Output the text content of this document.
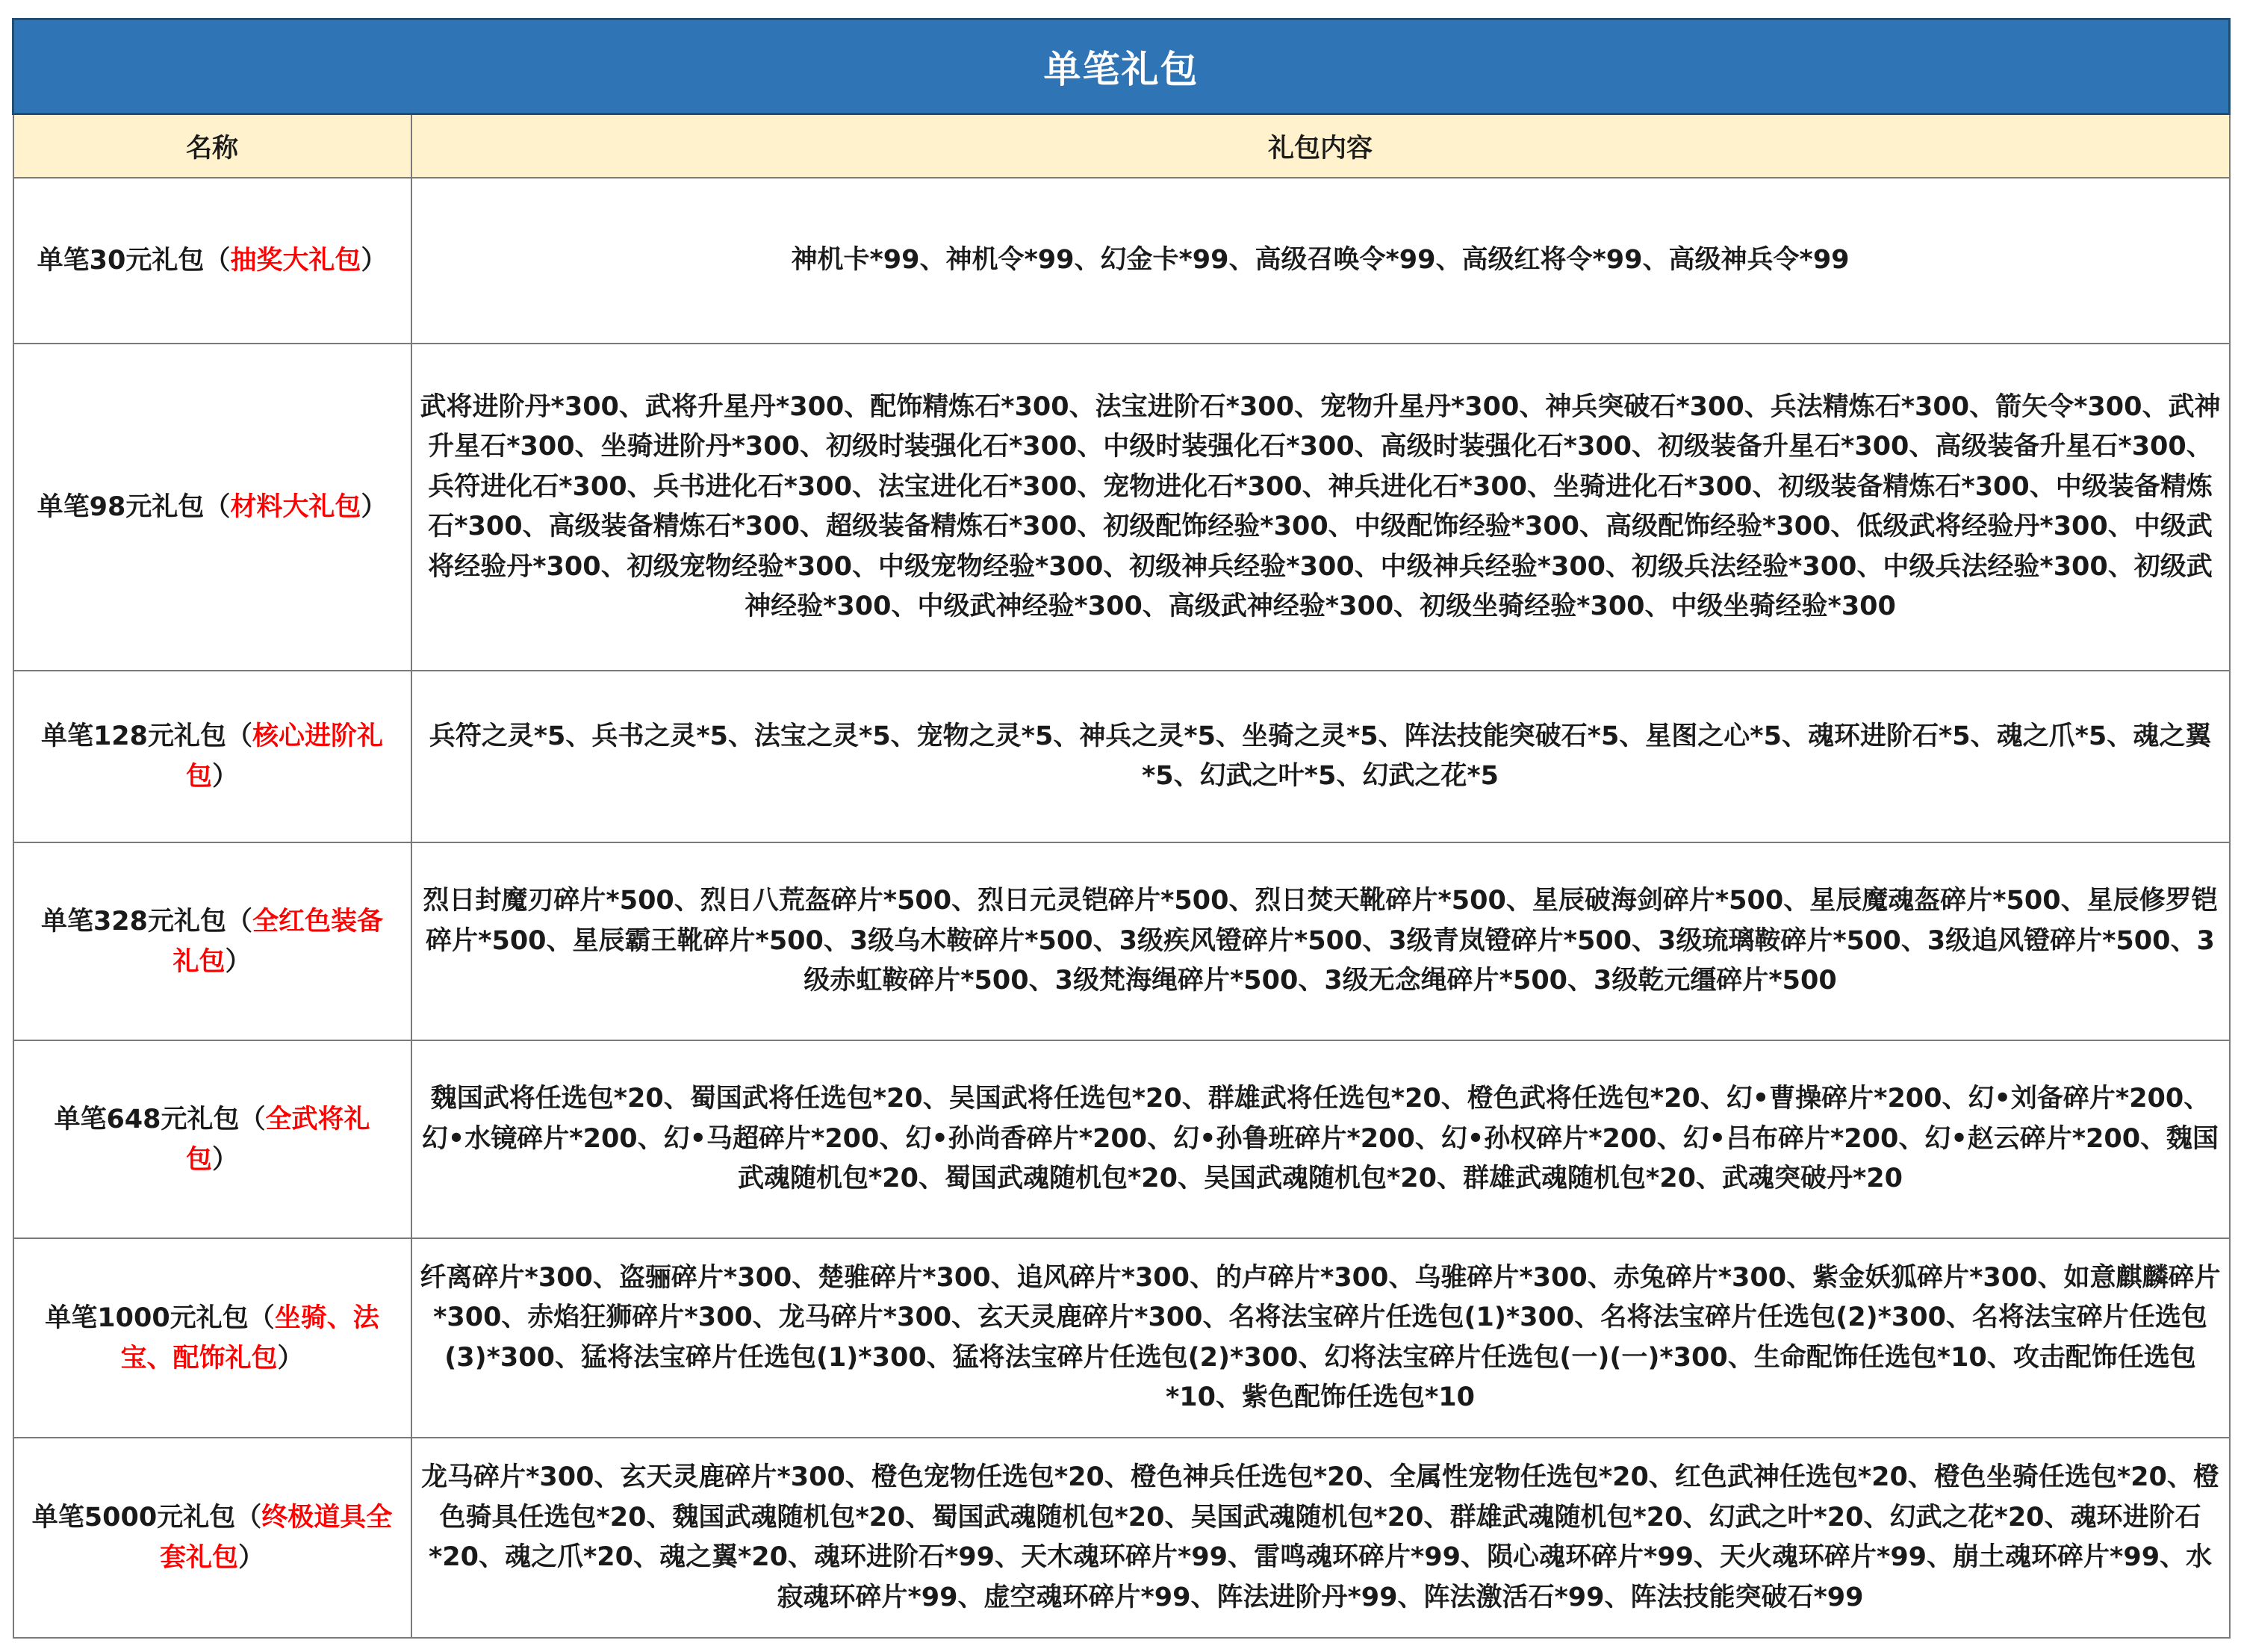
单笔礼包	
名称	礼包内容
单笔30元礼包（抽奖大礼包）	神机卡*99、神机令*99、幻金卡*99、高级召唤令*99、高级红将令*99、高级神兵令*99
单笔98元礼包（材料大礼包）	武将进阶丹*300、武将升星丹*300、配饰精炼石*300、法宝进阶石*300、宠物升星丹*300、神兵突破石*300、兵法精炼石*300、箭矢令*300、武神升星石*300、坐骑进阶丹*300、初级时装强化石*300、中级时装强化石*300、高级时装强化石*300、初级装备升星石*300、高级装备升星石*300、兵符进化石*300、兵书进化石*300、法宝进化石*300、宠物进化石*300、神兵进化石*300、坐骑进化石*300、初级装备精炼石*300、中级装备精炼石*300、高级装备精炼石*300、超级装备精炼石*300、初级配饰经验*300、中级配饰经验*300、高级配饰经验*300、低级武将经验丹*300、中级武将经验丹*300、初级宠物经验*300、中级宠物经验*300、初级神兵经验*300、中级神兵经验*300、初级兵法经验*300、中级兵法经验*300、初级武神经验*300、中级武神经验*300、高级武神经验*300、初级坐骑经验*300、中级坐骑经验*300
单笔128元礼包（核心进阶礼包）	兵符之灵*5、兵书之灵*5、法宝之灵*5、宠物之灵*5、神兵之灵*5、坐骑之灵*5、阵法技能突破石*5、星图之心*5、魂环进阶石*5、魂之爪*5、魂之翼*5、幻武之叶*5、幻武之花*5
单笔328元礼包（全红色装备礼包）	烈日封魔刃碎片*500、烈日八荒盔碎片*500、烈日元灵铠碎片*500、烈日焚天靴碎片*500、星辰破海剑碎片*500、星辰魔魂盔碎片*500、星辰修罗铠碎片*500、星辰霸王靴碎片*500、3级乌木鞍碎片*500、3级疾风镫碎片*500、3级青岚镫碎片*500、3级琉璃鞍碎片*500、3级追风镫碎片*500、3级赤虹鞍碎片*500、3级梵海绳碎片*500、3级无念绳碎片*500、3级乾元缰碎片*500
单笔648元礼包（全武将礼包）	魏国武将任选包*20、蜀国武将任选包*20、吴国武将任选包*20、群雄武将任选包*20、橙色武将任选包*20、幻•曹操碎片*200、幻•刘备碎片*200、幻•水镜碎片*200、幻•马超碎片*200、幻•孙尚香碎片*200、幻•孙鲁班碎片*200、幻•孙权碎片*200、幻•吕布碎片*200、幻•赵云碎片*200、魏国武魂随机包*20、蜀国武魂随机包*20、吴国武魂随机包*20、群雄武魂随机包*20、武魂突破丹*20
单笔1000元礼包（坐骑、法宝、配饰礼包）	纤离碎片*300、盗骊碎片*300、楚骓碎片*300、追风碎片*300、的卢碎片*300、乌骓碎片*300、赤兔碎片*300、紫金妖狐碎片*300、如意麒麟碎片*300、赤焰狂狮碎片*300、龙马碎片*300、玄天灵鹿碎片*300、名将法宝碎片任选包(1)*300、名将法宝碎片任选包(2)*300、名将法宝碎片任选包(3)*300、猛将法宝碎片任选包(1)*300、猛将法宝碎片任选包(2)*300、幻将法宝碎片任选包(一)(一)*300、生命配饰任选包*10、攻击配饰任选包*10、紫色配饰任选包*10
单笔5000元礼包（终极道具全套礼包）	龙马碎片*300、玄天灵鹿碎片*300、橙色宠物任选包*20、橙色神兵任选包*20、全属性宠物任选包*20、红色武神任选包*20、橙色坐骑任选包*20、橙色骑具任选包*20、魏国武魂随机包*20、蜀国武魂随机包*20、吴国武魂随机包*20、群雄武魂随机包*20、幻武之叶*20、幻武之花*20、魂环进阶石*20、魂之爪*20、魂之翼*20、魂环进阶石*99、天木魂环碎片*99、雷鸣魂环碎片*99、陨心魂环碎片*99、天火魂环碎片*99、崩土魂环碎片*99、水寂魂环碎片*99、虚空魂环碎片*99、阵法进阶丹*99、阵法激活石*99、阵法技能突破石*99
